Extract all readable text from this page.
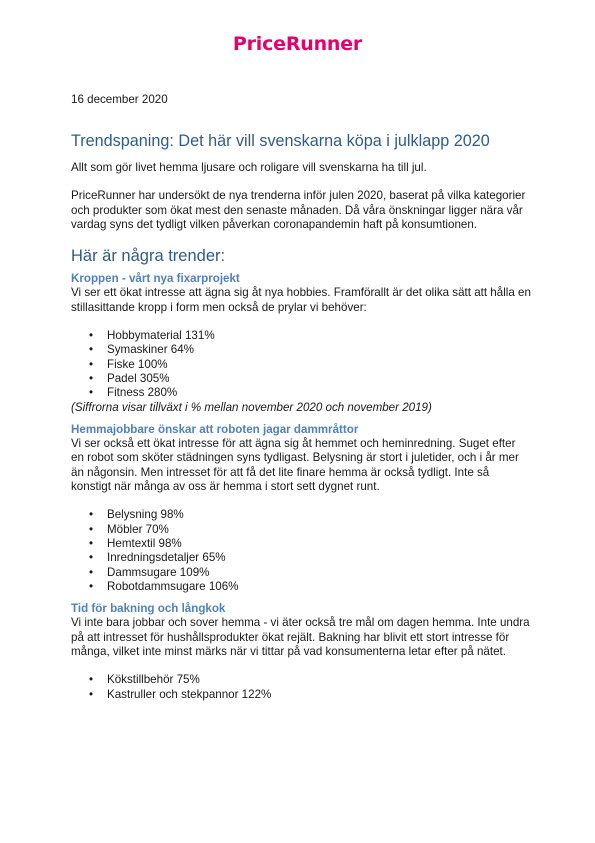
PriceRunner

16 december 2020

Trendspaning: Det här vill svenskarna köpa i julklapp 2020

Allt som gör livet hemma ljusare och roligare vill svenskarna ha till jul.

PriceRunner har undersökt de nya trenderna inför julen 2020, baserat på vilka kategorier och produkter som ökat mest den senaste månaden. Då våra önskningar ligger nära vår vardag syns det tydligt vilken påverkan coronapandemin haft på konsumtionen.

Här är några trender:
Kroppen - vårt nya fixarprojekt

Vi ser ett ökat intresse att ägna sig åt nya hobbies. Framförallt är det olika sätt att hålla en stillasittande kropp i form men också de prylar vi behöver:

• Hobbymaterial 131%
• Symaskiner 64%
• Fiske 100%
• Padel 305%
• Fitness 280%

(Siffrorna visar tillväxt i % mellan november 2020 och november 2019)

Hemmajobbare önskar att roboten jagar dammråttor

Vi ser också ett ökat intresse för att ägna sig åt hemmet och heminredning. Suget efter en robot som sköter städningen syns tydligast. Belysning är stort i juletider, och i år mer än någonsin. Men intresset för att få det lite finare hemma är också tydligt. Inte så konstigt när många av oss är hemma i stort sett dygnet runt.

• Belysning 98%
• Möbler 70%
• Hemtextil 98%
• Inredningsdetaljer 65%
• Dammsugare 109%
• Robotdammsugare 106%
Tid för bakning och långkok

Vi inte bara jobbar och sover hemma - vi äter också tre mål om dagen hemma. Inte undra på att intresset för hushållsprodukter ökat rejält. Bakning har blivit ett stort intresse för många, vilket inte minst märks när vi tittar på vad konsumenterna letar efter på nätet.

• Kökstillbehör 75%
• Kastruller och stekpannor 122%
